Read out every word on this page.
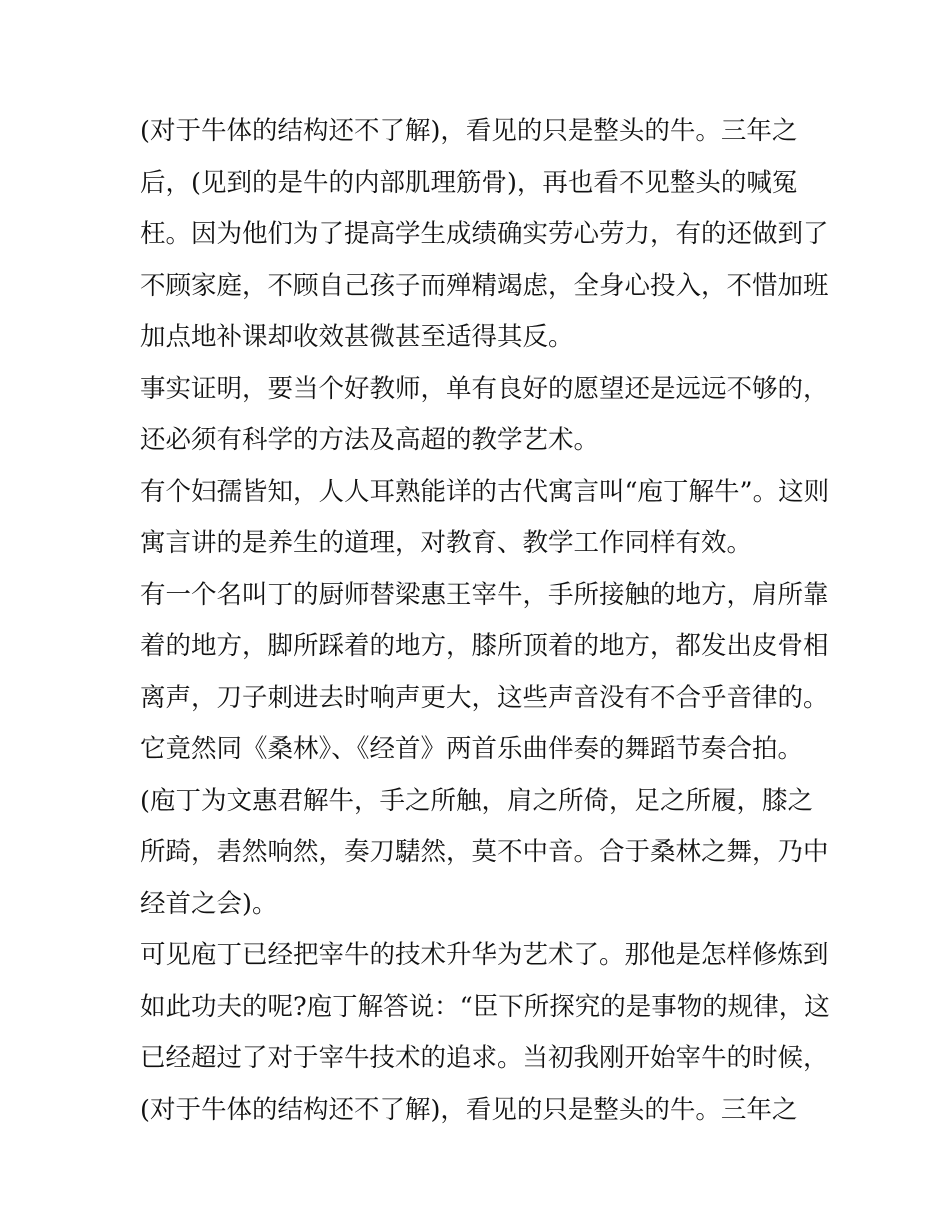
(对于牛体的结构还不了解)，看见的只是整头的牛。三年之
后，(见到的是牛的内部肌理筋骨)，再也看不见整头的喊冤
枉。因为他们为了提高学生成绩确实劳心劳力，有的还做到了
不顾家庭，不顾自己孩子而殚精竭虑，全身心投入，不惜加班
加点地补课却收效甚微甚至适得其反。
事实证明，要当个好教师，单有良好的愿望还是远远不够的，
还必须有科学的方法及高超的教学艺术。
有个妇孺皆知，人人耳熟能详的古代寓言叫“庖丁解牛”。这则
寓言讲的是养生的道理，对教育、教学工作同样有效。
有一个名叫丁的厨师替梁惠王宰牛，手所接触的地方，肩所靠
着的地方，脚所踩着的地方，膝所顶着的地方，都发出皮骨相
离声，刀子刺进去时响声更大，这些声音没有不合乎音律的。
它竟然同《桑林》、《经首》两首乐曲伴奏的舞蹈节奏合拍。
(庖丁为文惠君解牛，手之所触，肩之所倚，足之所履，膝之
所踦，砉然响然，奏刀騞然，莫不中音。合于桑林之舞，乃中
经首之会)。
可见庖丁已经把宰牛的技术升华为艺术了。那他是怎样修炼到
如此功夫的呢?庖丁解答说：“臣下所探究的是事物的规律，这
已经超过了对于宰牛技术的追求。当初我刚开始宰牛的时候，
(对于牛体的结构还不了解)，看见的只是整头的牛。三年之
